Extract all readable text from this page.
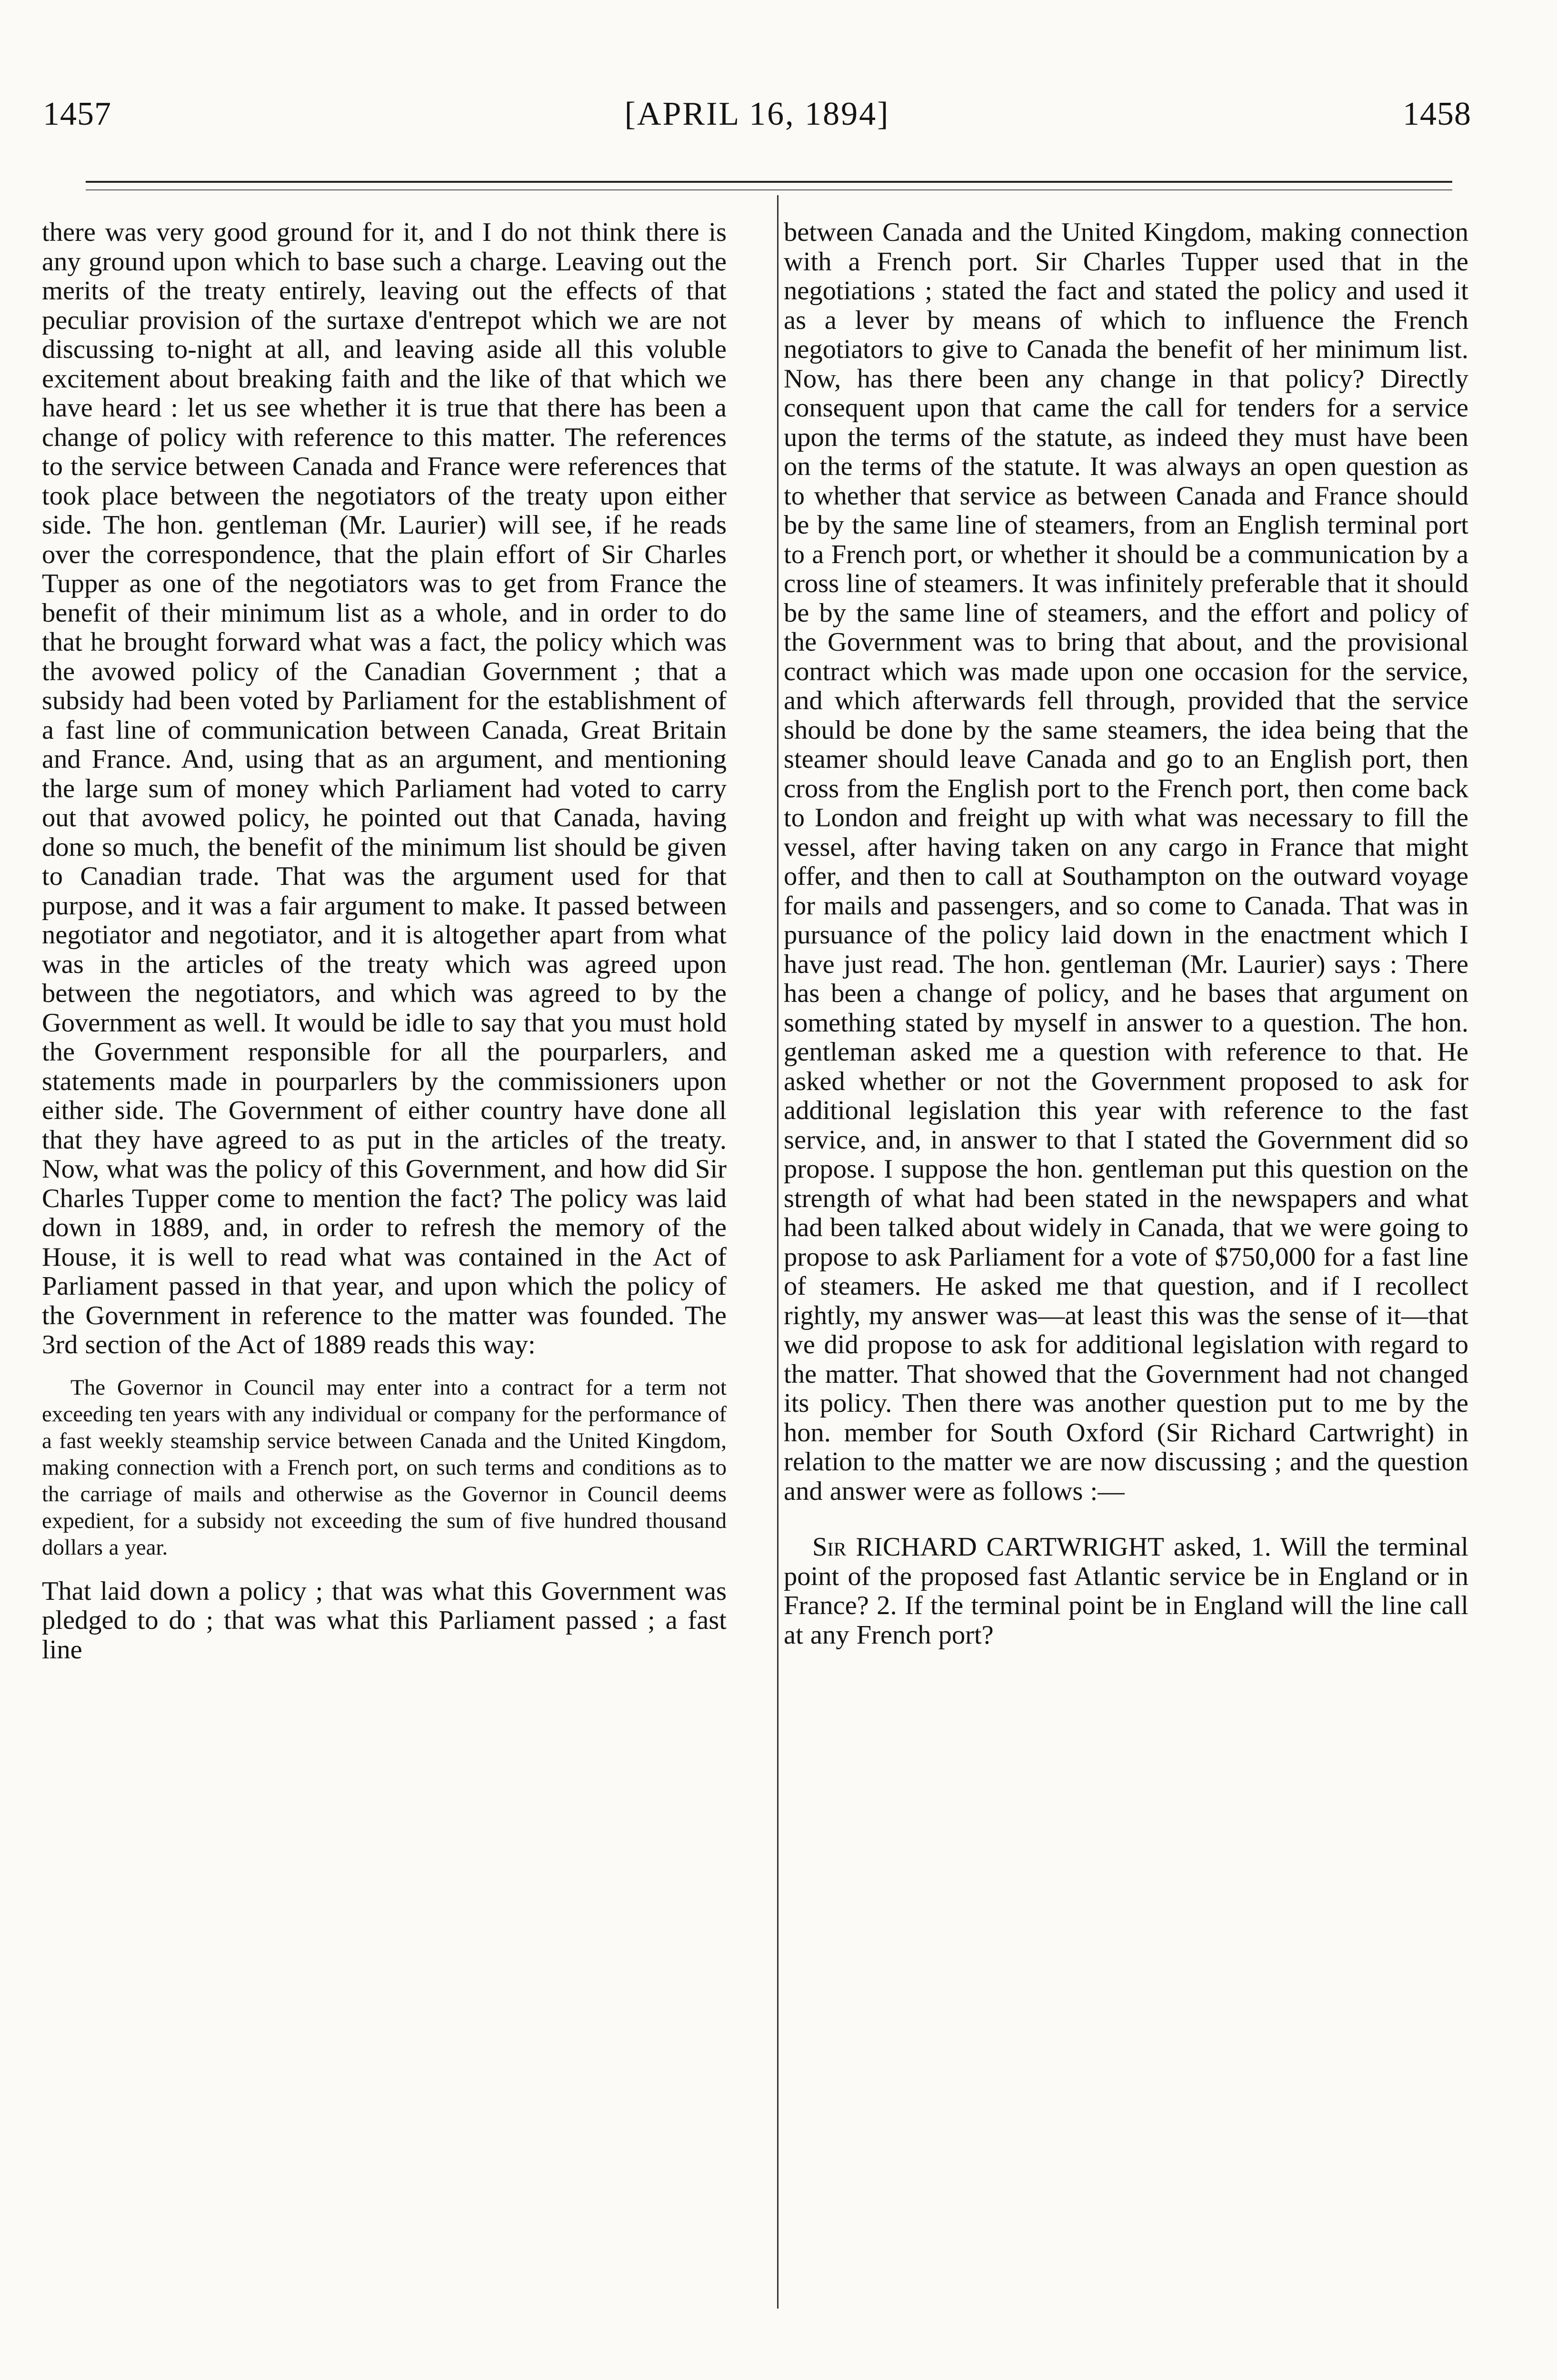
[APRIL 16, 1894]
1457	1458

there was very good ground for it, and I do not think there is any ground upon which to base such a charge. Leaving out the merits of the treaty entirely, leaving out the effects of that peculiar provision of the surtaxe d'entrepot which we are not discussing to-night at all, and leaving aside all this voluble excitement about breaking faith and the like of that which we have heard : let us see whether it is true that there has been a change of policy with reference to this matter. The references to the service between Canada and France were references that took place between the negotiators of the treaty upon either side. The hon. gentleman (Mr. Laurier) will see, if he reads over the correspondence, that the plain effort of Sir Charles Tupper as one of the negotiators was to get from France the benefit of their minimum list as a whole, and in order to do that he brought forward what was a fact, the policy which was the avowed policy of the Canadian Government ; that a subsidy had been voted by Parliament for the establishment of a fast line of communication between Canada, Great Britain and France. And, using that as an argument, and mentioning the large sum of money which Parliament had voted to carry out that avowed policy, he pointed out that Canada, having done so much, the benefit of the minimum list should be given to Canadian trade. That was the argument used for that purpose, and it was a fair argument to make. It passed between negotiator and negotiator, and it is altogether apart from what was in the articles of the treaty which was agreed upon between the negotiators, and which was agreed to by the Government as well. It would be idle to say that you must hold the Government responsible for all the pourparlers, and statements made in pourparlers by the commissioners upon either side. The Government of either country have done all that they have agreed to as put in the articles of the treaty. Now, what was the policy of this Government, and how did Sir Charles Tupper come to mention the fact? The policy was laid down in 1889, and, in order to refresh the memory of the House, it is well to read what was contained in the Act of Parliament passed in that year, and upon which the policy of the Government in reference to the matter was founded. The 3rd section of the Act of 1889 reads this way:

The Governor in Council may enter into a contract for a term not exceeding ten years with any individual or company for the performance of a fast weekly steamship service between Canada and the United Kingdom, making connection with a French port, on such terms and conditions as to the carriage of mails and otherwise as the Governor in Council deems expedient, for a subsidy not exceeding the sum of five hundred thousand dollars a year.

That laid down a policy ; that was what this Government was pledged to do ; that was what this Parliament passed ; a fast line

between Canada and the United Kingdom, making connection with a French port. Sir Charles Tupper used that in the negotiations ; stated the fact and stated the policy and used it as a lever by means of which to influence the French negotiators to give to Canada the benefit of her minimum list. Now, has there been any change in that policy? Directly consequent upon that came the call for tenders for a service upon the terms of the statute, as indeed they must have been on the terms of the statute. It was always an open question as to whether that service as between Canada and France should be by the same line of steamers, from an English terminal port to a French port, or whether it should be a communication by a cross line of steamers. It was infinitely preferable that it should be by the same line of steamers, and the effort and policy of the Government was to bring that about, and the provisional contract which was made upon one occasion for the service, and which afterwards fell through, provided that the service should be done by the same steamers, the idea being that the steamer should leave Canada and go to an English port, then cross from the English port to the French port, then come back to London and freight up with what was necessary to fill the vessel, after having taken on any cargo in France that might offer, and then to call at Southampton on the outward voyage for mails and passengers, and so come to Canada. That was in pursuance of the policy laid down in the enactment which I have just read. The hon. gentleman (Mr. Laurier) says : There has been a change of policy, and he bases that argument on something stated by myself in answer to a question. The hon. gentleman asked me a question with reference to that. He asked whether or not the Government proposed to ask for additional legislation this year with reference to the fast service, and, in answer to that I stated the Government did so propose. I suppose the hon. gentleman put this question on the strength of what had been stated in the newspapers and what had been talked about widely in Canada, that we were going to propose to ask Parliament for a vote of $750,000 for a fast line of steamers. He asked me that question, and if I recollect rightly, my answer was—at least this was the sense of it—that we did propose to ask for additional legislation with regard to the matter. That showed that the Government had not changed its policy. Then there was another question put to me by the hon. member for South Oxford (Sir Richard Cartwright) in relation to the matter we are now discussing ; and the question and answer were as follows :—

Sir RICHARD CARTWRIGHT asked, 1. Will the terminal point of the proposed fast Atlantic service be in England or in France? 2. If the terminal point be in England will the line call at any French port?
